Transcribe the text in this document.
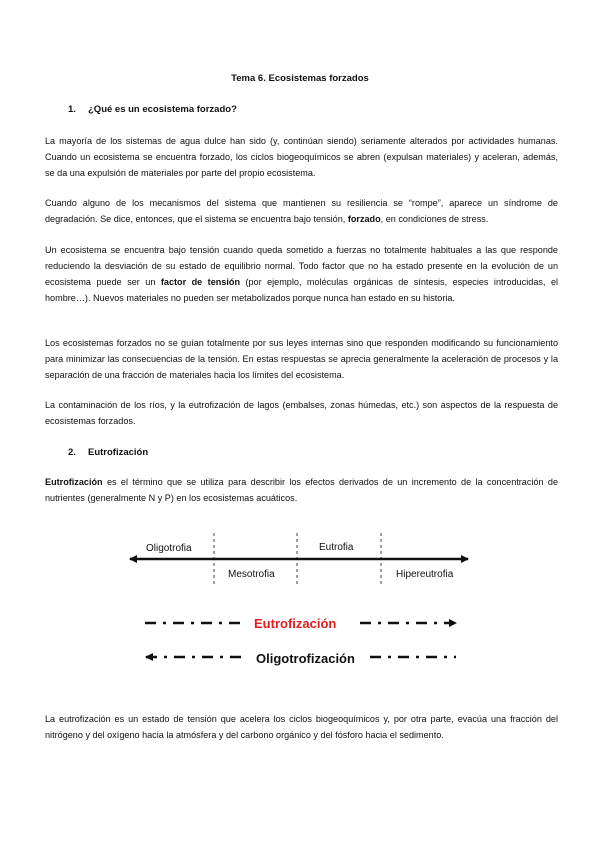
Tema 6. Ecosistemas forzados
1. ¿Qué es un ecosistema forzado?

La mayoría de los sistemas de agua dulce han sido (y, continúan siendo) seriamente alterados por actividades humanas. Cuando un ecosistema se encuentra forzado, los ciclos biogeoquímicos se abren (expulsan materiales) y aceleran, además, se da una expulsión de materiales por parte del propio ecosistema.

Cuando alguno de los mecanismos del sistema que mantienen su resiliencia se “rompe”, aparece un síndrome de degradación. Se dice, entonces, que el sistema se encuentra bajo tensión, forzado, en condiciones de stress.

Un ecosistema se encuentra bajo tensión cuando queda sometido a fuerzas no totalmente habituales a las que responde reduciendo la desviación de su estado de equilibrio normal. Todo factor que no ha estado presente en la evolución de un ecosistema puede ser un factor de tensión (por ejemplo, moléculas orgánicas de síntesis, especies introducidas, el hombre…). Nuevos materiales no pueden ser metabolizados porque nunca han estado en su historia.

Los ecosistemas forzados no se guían totalmente por sus leyes internas sino que responden modificando su funcionamiento para minimizar las consecuencias de la tensión. En estas respuestas se aprecia generalmente la aceleración de procesos y la separación de una fracción de materiales hacia los límites del ecosistema.

La contaminación de los ríos, y la eutrofización de lagos (embalses, zonas húmedas, etc.) son aspectos de la respuesta de ecosistemas forzados.

2. Eutrofización

Eutrofización es el término que se utiliza para describir los efectos derivados de un incremento de la concentración de nutrientes (generalmente N y P) en los ecosistemas acuáticos.

Oligotrofia	Eutrofia
Mesotrofia	Hipereutrofia
Eutrofización
Oligotrofización

La eutrofización es un estado de tensión que acelera los ciclos biogeoquímicos y, por otra parte, evacúa una fracción del nitrógeno y del oxígeno hacia la atmósfera y del carbono orgánico y del fósforo hacia el sedimento.
